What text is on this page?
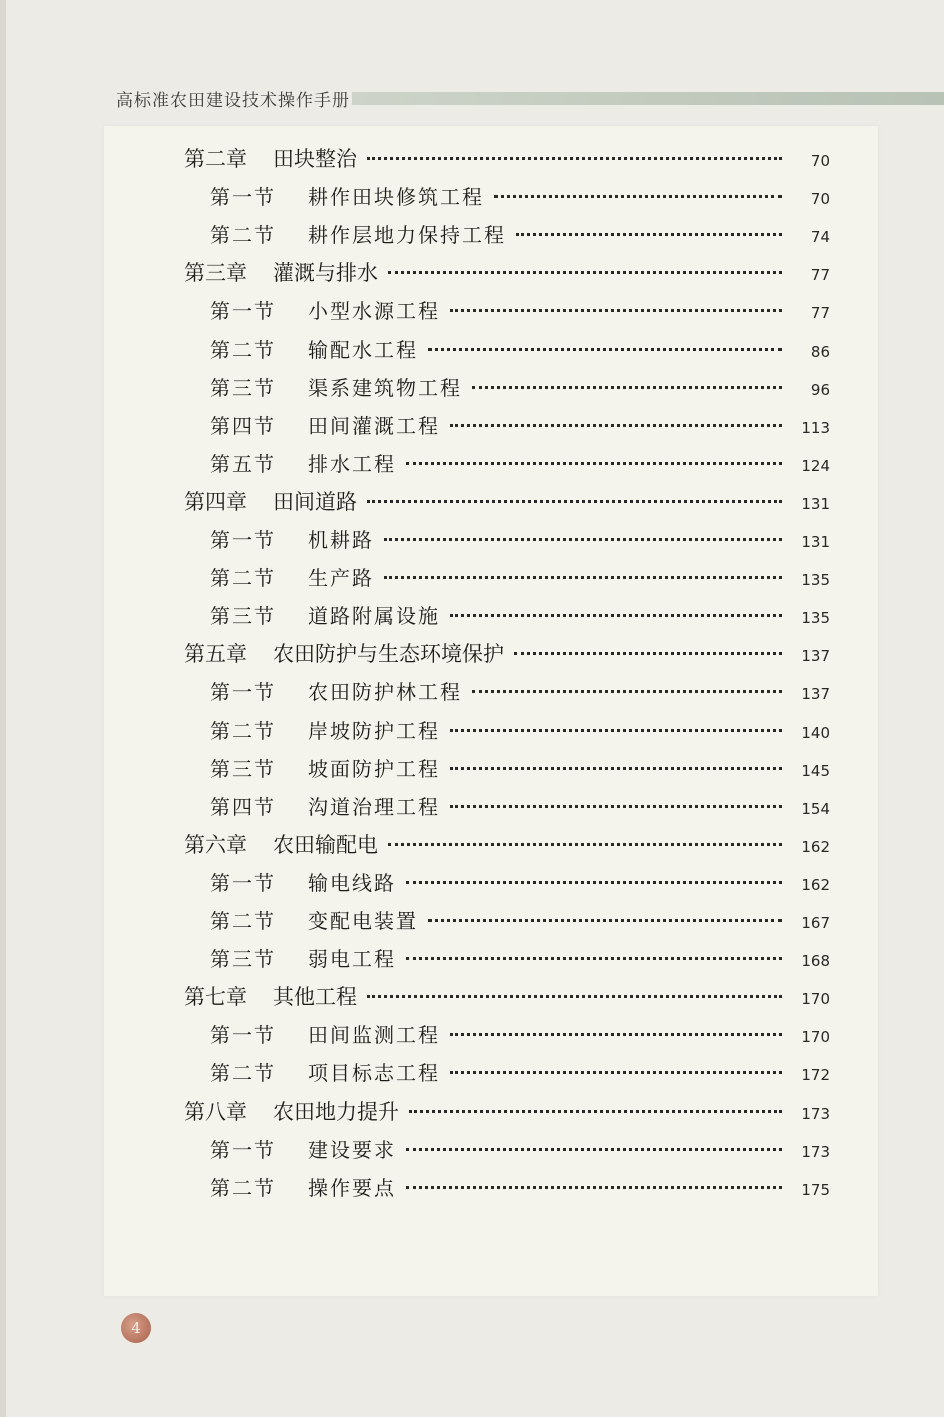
高标准农田建设技术操作手册
第二章 田块整治	70
第一节 耕作田块修筑工程	70
第二节 耕作层地力保持工程	74
第三章 灌溉与排水	77
第一节 小型水源工程	77
第二节 输配水工程	86
第三节 渠系建筑物工程	96
第四节 田间灌溉工程	113
第五节 排水工程	124
第四章 田间道路	131
第一节 机耕路	131
第二节 生产路	135
第三节 道路附属设施	135
第五章 农田防护与生态环境保护	137
第一节 农田防护林工程	137
第二节 岸坡防护工程	140
第三节 坡面防护工程	145
第四节 沟道治理工程	154
第六章 农田输配电	162
第一节 输电线路	162
第二节 变配电装置	167
第三节 弱电工程	168
第七章 其他工程	170
第一节 田间监测工程	170
第二节 项目标志工程	172
第八章 农田地力提升	173
第一节 建设要求	173
第二节 操作要点	175
4
